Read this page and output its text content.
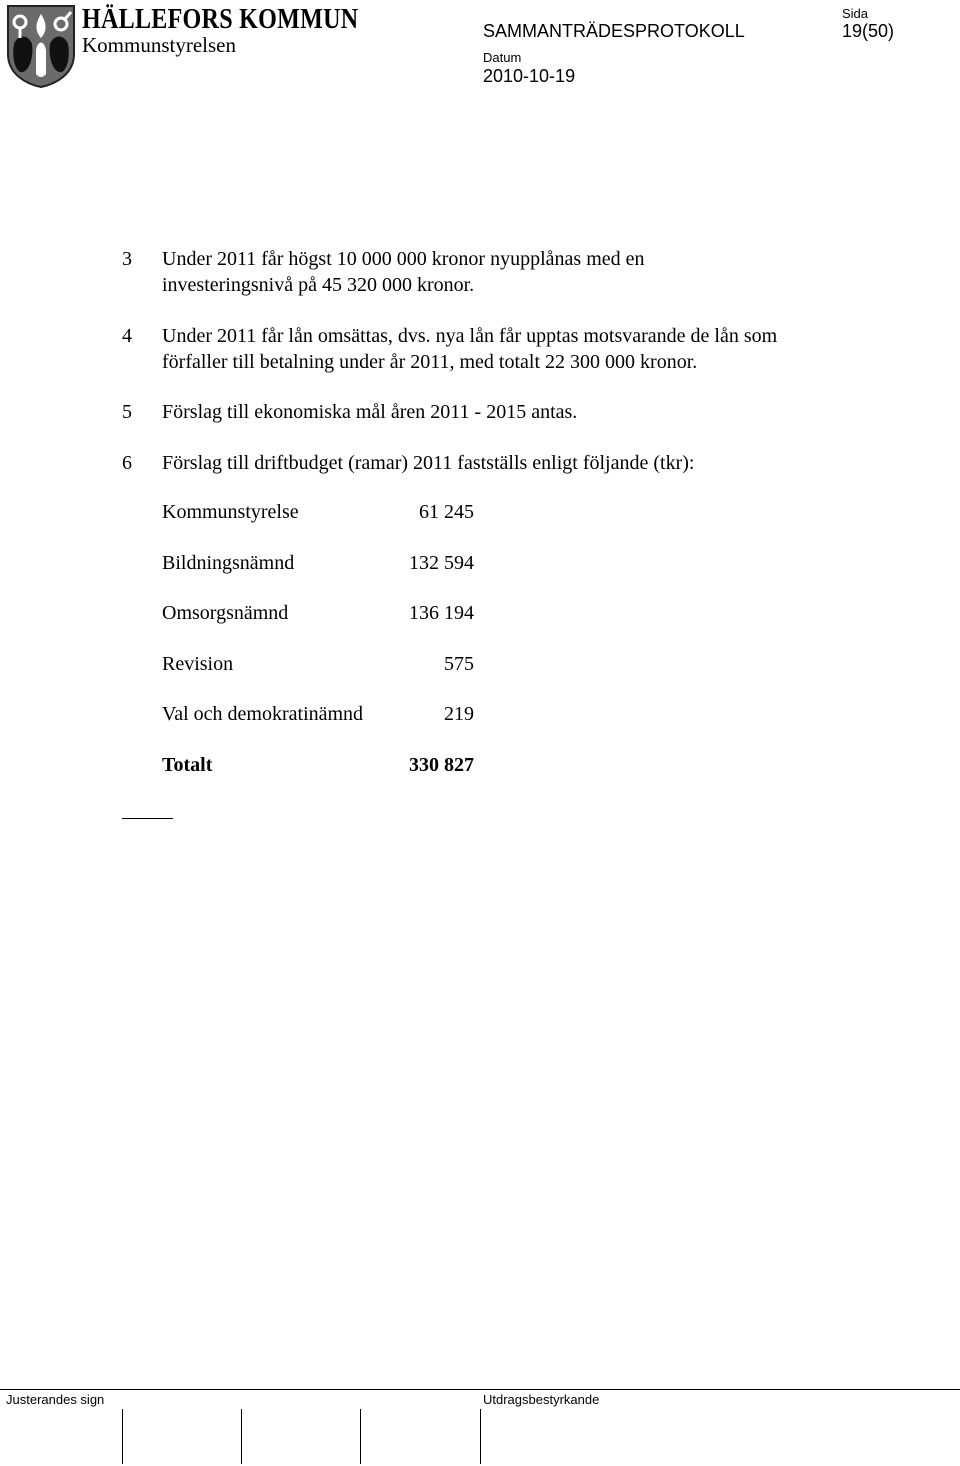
HÄLLEFORS KOMMUN
Kommunstyrelsen
SAMMANTRÄDESPROTOKOLL
Sida
19(50)
Datum
2010-10-19
3 Under 2011 får högst 10 000 000 kronor nyupplånas med en investeringsnivå på 45 320 000 kronor.
4 Under 2011 får lån omsättas, dvs. nya lån får upptas motsvarande de lån som förfaller till betalning under år 2011, med totalt 22 300 000 kronor.
5 Förslag till ekonomiska mål åren 2011 - 2015 antas.
6 Förslag till driftbudget (ramar) 2011 fastställs enligt följande (tkr):
Kommunstyrelse	61 245
Bildningsnämnd	132 594
Omsorgsnämnd	136 194
Revision	575
Val och demokratinämnd	219
Totalt	330 827
Justerandes sign	Utdragsbestyrkande
